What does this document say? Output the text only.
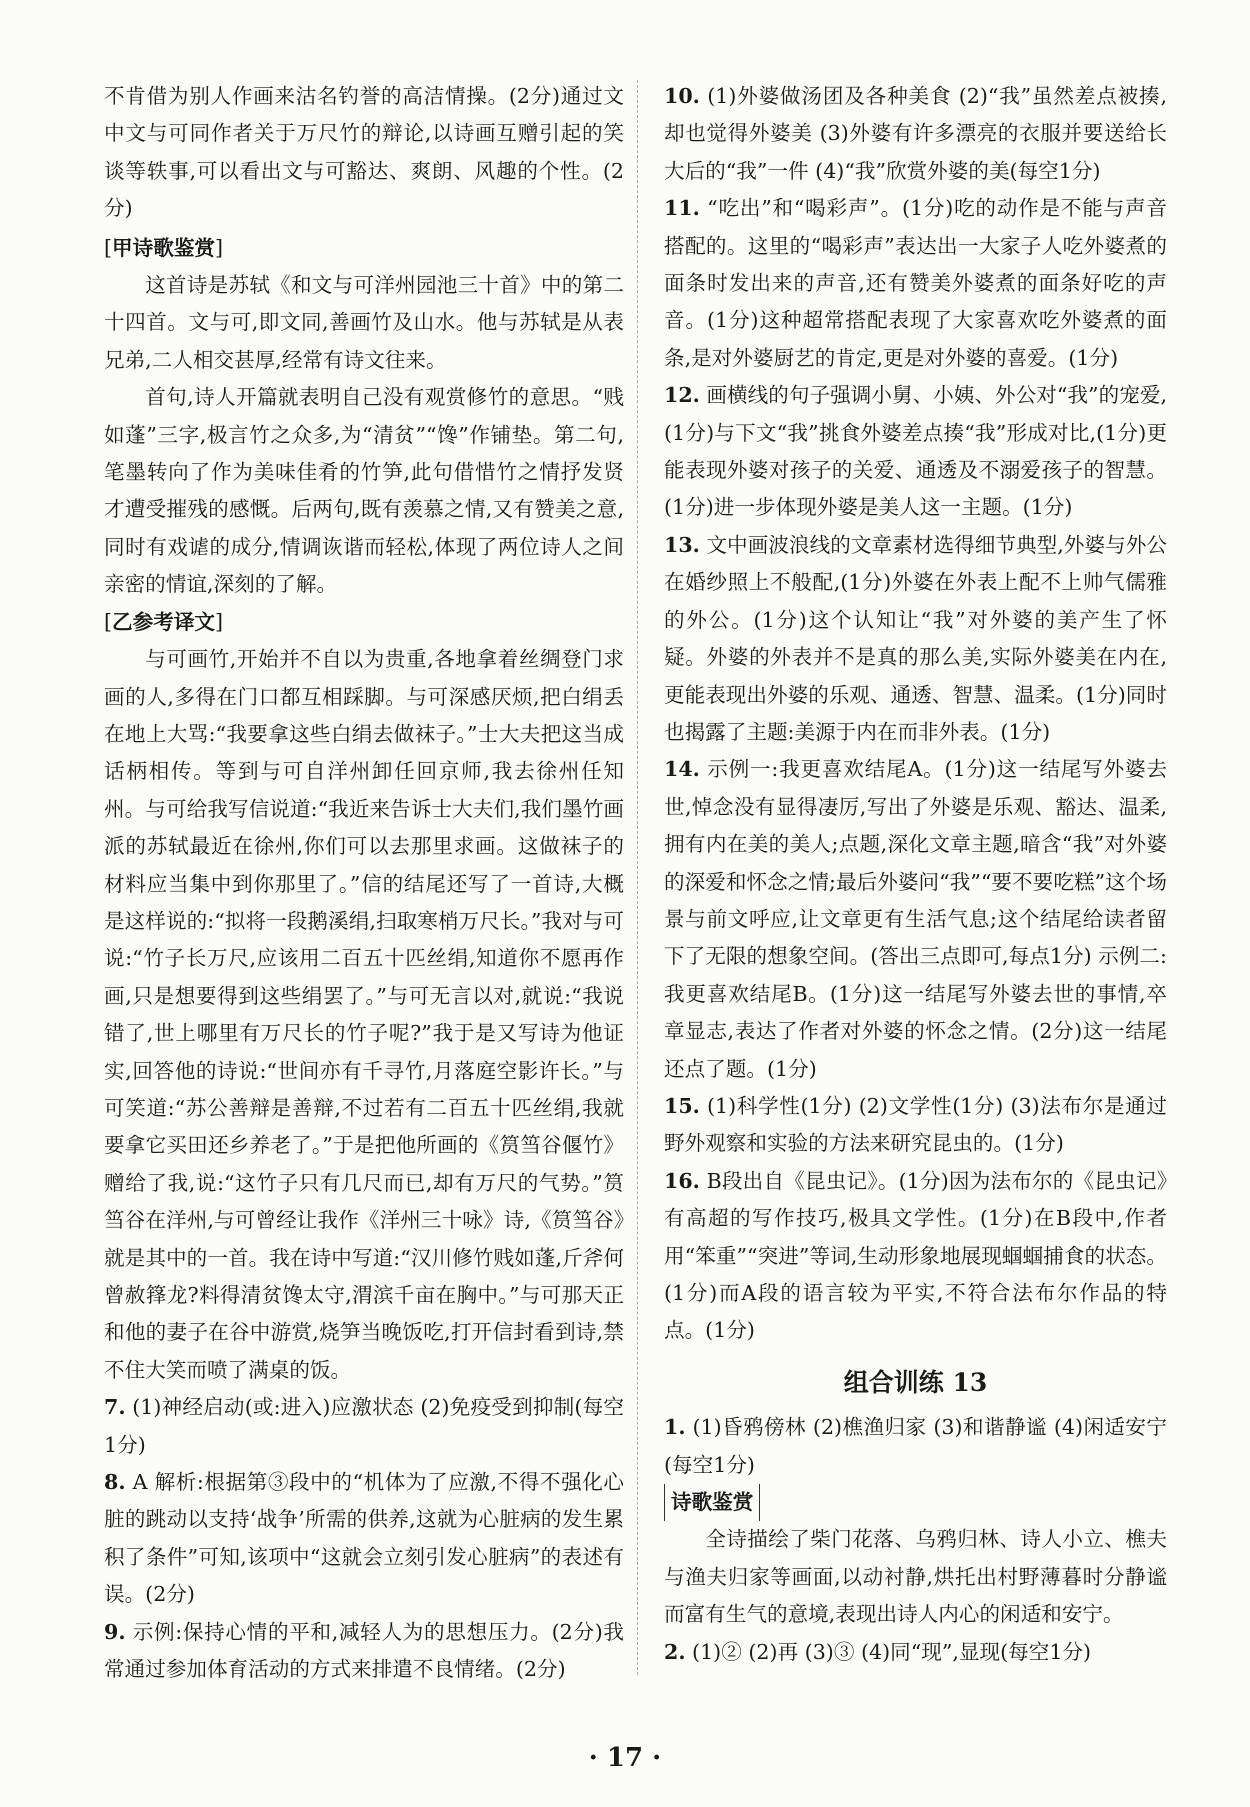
不肯借为别人作画来沽名钓誉的高洁情操。(2分)通过文中文与可同作者关于万尺竹的辩论,以诗画互赠引起的笑谈等轶事,可以看出文与可豁达、爽朗、风趣的个性。(2分)

[甲诗歌鉴赏]

这首诗是苏轼《和文与可洋州园池三十首》中的第二十四首。文与可,即文同,善画竹及山水。他与苏轼是从表兄弟,二人相交甚厚,经常有诗文往来。

首句,诗人开篇就表明自己没有观赏修竹的意思。“贱如蓬”三字,极言竹之众多,为“清贫”“馋”作铺垫。第二句,笔墨转向了作为美味佳肴的竹笋,此句借惜竹之情抒发贤才遭受摧残的感慨。后两句,既有羡慕之情,又有赞美之意,同时有戏谑的成分,情调诙谐而轻松,体现了两位诗人之间亲密的情谊,深刻的了解。

[乙参考译文]

与可画竹,开始并不自以为贵重,各地拿着丝绸登门求画的人,多得在门口都互相踩脚。与可深感厌烦,把白绢丢在地上大骂:“我要拿这些白绢去做袜子。”士大夫把这当成话柄相传。等到与可自洋州卸任回京师,我去徐州任知州。与可给我写信说道:“我近来告诉士大夫们,我们墨竹画派的苏轼最近在徐州,你们可以去那里求画。这做袜子的材料应当集中到你那里了。”信的结尾还写了一首诗,大概是这样说的:“拟将一段鹅溪绢,扫取寒梢万尺长。”我对与可说:“竹子长万尺,应该用二百五十匹丝绢,知道你不愿再作画,只是想要得到这些绢罢了。”与可无言以对,就说:“我说错了,世上哪里有万尺长的竹子呢?”我于是又写诗为他证实,回答他的诗说:“世间亦有千寻竹,月落庭空影许长。”与可笑道:“苏公善辩是善辩,不过若有二百五十匹丝绢,我就要拿它买田还乡养老了。”于是把他所画的《筼筜谷偃竹》赠给了我,说:“这竹子只有几尺而已,却有万尺的气势。”筼筜谷在洋州,与可曾经让我作《洋州三十咏》诗,《筼筜谷》就是其中的一首。我在诗中写道:“汉川修竹贱如蓬,斤斧何曾赦箨龙?料得清贫馋太守,渭滨千亩在胸中。”与可那天正和他的妻子在谷中游赏,烧笋当晚饭吃,打开信封看到诗,禁不住大笑而喷了满桌的饭。

7. (1)神经启动(或:进入)应激状态 (2)免疫受到抑制(每空1分)

8. A 解析:根据第③段中的“机体为了应激,不得不强化心脏的跳动以支持‘战争’所需的供养,这就为心脏病的发生累积了条件”可知,该项中“这就会立刻引发心脏病”的表述有误。(2分)

9. 示例:保持心情的平和,减轻人为的思想压力。(2分)我常通过参加体育活动的方式来排遣不良情绪。(2分)

10. (1)外婆做汤团及各种美食 (2)“我”虽然差点被揍,却也觉得外婆美 (3)外婆有许多漂亮的衣服并要送给长大后的“我”一件 (4)“我”欣赏外婆的美(每空1分)

11. “吃出”和“喝彩声”。(1分)吃的动作是不能与声音搭配的。这里的“喝彩声”表达出一大家子人吃外婆煮的面条时发出来的声音,还有赞美外婆煮的面条好吃的声音。(1分)这种超常搭配表现了大家喜欢吃外婆煮的面条,是对外婆厨艺的肯定,更是对外婆的喜爱。(1分)

12. 画横线的句子强调小舅、小姨、外公对“我”的宠爱,(1分)与下文“我”挑食外婆差点揍“我”形成对比,(1分)更能表现外婆对孩子的关爱、通透及不溺爱孩子的智慧。(1分)进一步体现外婆是美人这一主题。(1分)

13. 文中画波浪线的文章素材选得细节典型,外婆与外公在婚纱照上不般配,(1分)外婆在外表上配不上帅气儒雅的外公。(1分)这个认知让“我”对外婆的美产生了怀疑。外婆的外表并不是真的那么美,实际外婆美在内在,更能表现出外婆的乐观、通透、智慧、温柔。(1分)同时也揭露了主题:美源于内在而非外表。(1分)

14. 示例一:我更喜欢结尾A。(1分)这一结尾写外婆去世,悼念没有显得凄厉,写出了外婆是乐观、豁达、温柔,拥有内在美的美人;点题,深化文章主题,暗含“我”对外婆的深爱和怀念之情;最后外婆问“我”“要不要吃糕”这个场景与前文呼应,让文章更有生活气息;这个结尾给读者留下了无限的想象空间。(答出三点即可,每点1分) 示例二:我更喜欢结尾B。(1分)这一结尾写外婆去世的事情,卒章显志,表达了作者对外婆的怀念之情。(2分)这一结尾还点了题。(1分)

15. (1)科学性(1分) (2)文学性(1分) (3)法布尔是通过野外观察和实验的方法来研究昆虫的。(1分)

16. B段出自《昆虫记》。(1分)因为法布尔的《昆虫记》有高超的写作技巧,极具文学性。(1分)在B段中,作者用“笨重”“突进”等词,生动形象地展现蝈蝈捕食的状态。(1分)而A段的语言较为平实,不符合法布尔作品的特点。(1分)

组合训练 13

1. (1)昏鸦傍林 (2)樵渔归家 (3)和谐静谧 (4)闲适安宁(每空1分)

诗歌鉴赏

全诗描绘了柴门花落、乌鸦归林、诗人小立、樵夫与渔夫归家等画面,以动衬静,烘托出村野薄暮时分静谧而富有生气的意境,表现出诗人内心的闲适和安宁。

2. (1)② (2)再 (3)③ (4)同“现”,显现(每空1分)

· 17 ·
